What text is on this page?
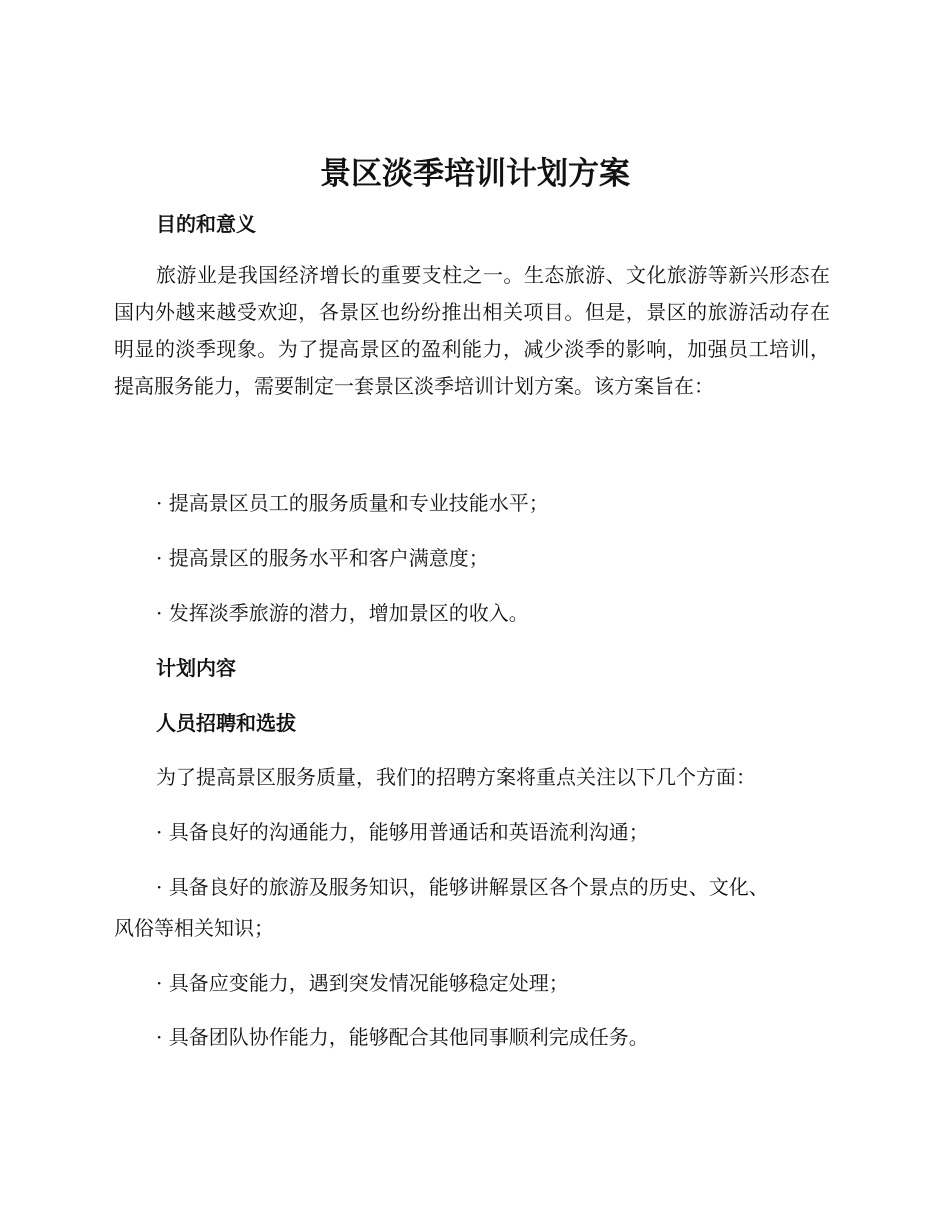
景区淡季培训计划方案
目的和意义

旅游业是我国经济增长的重要支柱之一。生态旅游、文化旅游等新兴形态在国内外越来越受欢迎，各景区也纷纷推出相关项目。但是，景区的旅游活动存在明显的淡季现象。为了提高景区的盈利能力，减少淡季的影响，加强员工培训，提高服务能力，需要制定一套景区淡季培训计划方案。该方案旨在：

· 提高景区员工的服务质量和专业技能水平；

· 提高景区的服务水平和客户满意度；

· 发挥淡季旅游的潜力，增加景区的收入。

计划内容
人员招聘和选拔

为了提高景区服务质量，我们的招聘方案将重点关注以下几个方面：

· 具备良好的沟通能力，能够用普通话和英语流利沟通；

· 具备良好的旅游及服务知识，能够讲解景区各个景点的历史、文化、

风俗等相关知识；

· 具备应变能力，遇到突发情况能够稳定处理；

· 具备团队协作能力，能够配合其他同事顺利完成任务。
